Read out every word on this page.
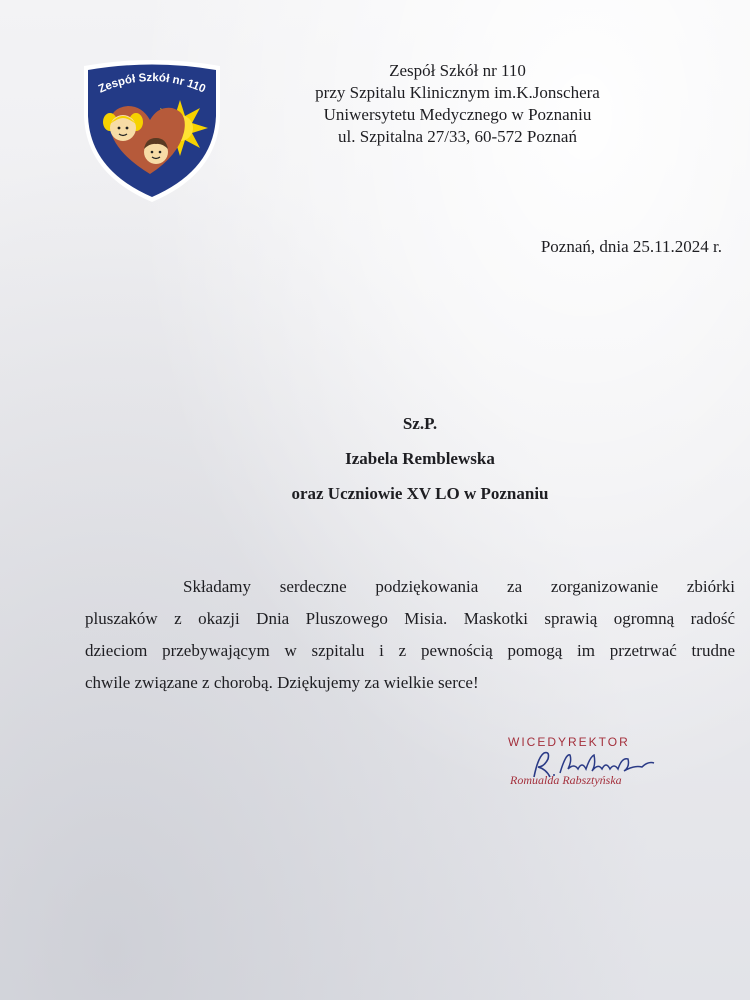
Zespół Szkół nr 110
Zespół Szkół nr 110
przy Szpitalu Klinicznym im.K.Jonschera
Uniwersytetu Medycznego w Poznaniu
ul. Szpitalna 27/33, 60-572 Poznań
Poznań, dnia 25.11.2024 r.
Sz.P.
Izabela Remblewska
oraz Uczniowie XV LO w Poznaniu
Składamy serdeczne podziękowania za zorganizowanie zbiórki
pluszaków z okazji Dnia Pluszowego Misia. Maskotki sprawią ogromną radość
dzieciom przebywającym w szpitalu i z pewnością pomogą im przetrwać trudne
chwile związane z chorobą. Dziękujemy za wielkie serce!
WICEDYREKTOR
Romualda Rabsztyńska
